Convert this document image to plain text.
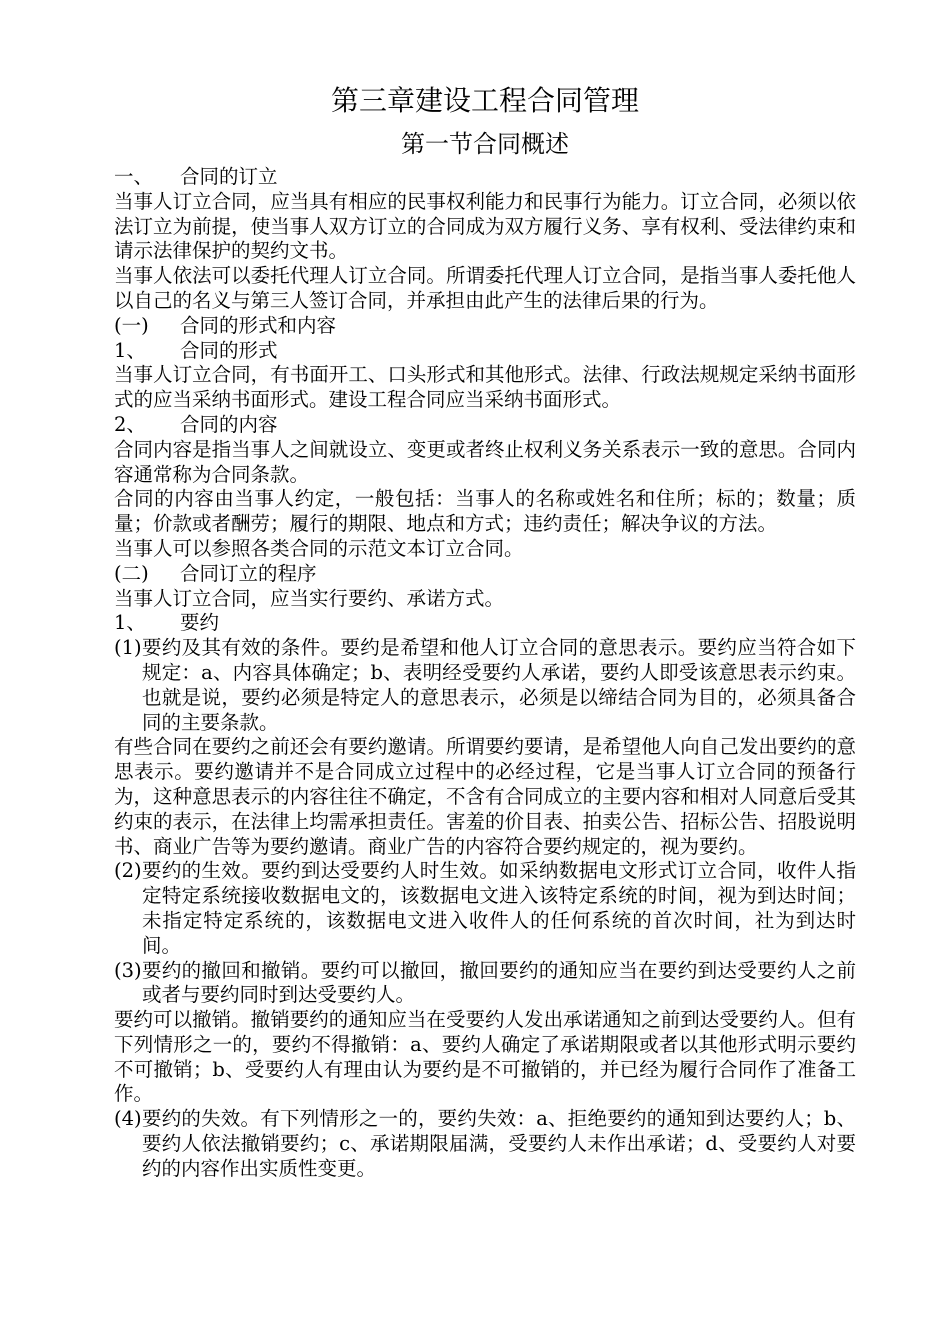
第三章建设工程合同管理
第一节合同概述
一、	合同的订立

当事人订立合同，应当具有相应的民事权利能力和民事行为能力。订立合同，必须以依法订立为前提，使当事人双方订立的合同成为双方履行义务、享有权利、受法律约束和请示法律保护的契约文书。

当事人依法可以委托代理人订立合同。所谓委托代理人订立合同，是指当事人委托他人以自己的名义与第三人签订合同，并承担由此产生的法律后果的行为。

(一)	合同的形式和内容
1、	合同的形式

当事人订立合同，有书面开工、口头形式和其他形式。法律、行政法规规定采纳书面形式的应当采纳书面形式。建设工程合同应当采纳书面形式。

2、	合同的内容

合同内容是指当事人之间就设立、变更或者终止权利义务关系表示一致的意思。合同内容通常称为合同条款。

合同的内容由当事人约定，一般包括：当事人的名称或姓名和住所；标的；数量；质量；价款或者酬劳；履行的期限、地点和方式；违约责任；解决争议的方法。

当事人可以参照各类合同的示范文本订立合同。

(二)	合同订立的程序

当事人订立合同，应当实行要约、承诺方式。

1、	要约
(1) 要约及其有效的条件。要约是希望和他人订立合同的意思表示。要约应当符合如下规定：a、内容具体确定；b、表明经受要约人承诺，要约人即受该意思表示约束。也就是说，要约必须是特定人的意思表示，必须是以缔结合同为目的，必须具备合同的主要条款。

有些合同在要约之前还会有要约邀请。所谓要约要请，是希望他人向自己发出要约的意思表示。要约邀请并不是合同成立过程中的必经过程，它是当事人订立合同的预备行为，这种意思表示的内容往往不确定，不含有合同成立的主要内容和相对人同意后受其约束的表示，在法律上均需承担责任。害羞的价目表、拍卖公告、招标公告、招股说明书、商业广告等为要约邀请。商业广告的内容符合要约规定的，视为要约。

(2) 要约的生效。要约到达受要约人时生效。如采纳数据电文形式订立合同，收件人指定特定系统接收数据电文的，该数据电文进入该特定系统的时间，视为到达时间；未指定特定系统的，该数据电文进入收件人的任何系统的首次时间，社为到达时间。
(3) 要约的撤回和撤销。要约可以撤回，撤回要约的通知应当在要约到达受要约人之前或者与要约同时到达受要约人。

要约可以撤销。撤销要约的通知应当在受要约人发出承诺通知之前到达受要约人。但有下列情形之一的，要约不得撤销：a、要约人确定了承诺期限或者以其他形式明示要约不可撤销；b、受要约人有理由认为要约是不可撤销的，并已经为履行合同作了准备工作。

(4) 要约的失效。有下列情形之一的，要约失效：a、拒绝要约的通知到达要约人；b、要约人依法撤销要约；c、承诺期限届满，受要约人未作出承诺；d、受要约人对要约的内容作出实质性变更。
